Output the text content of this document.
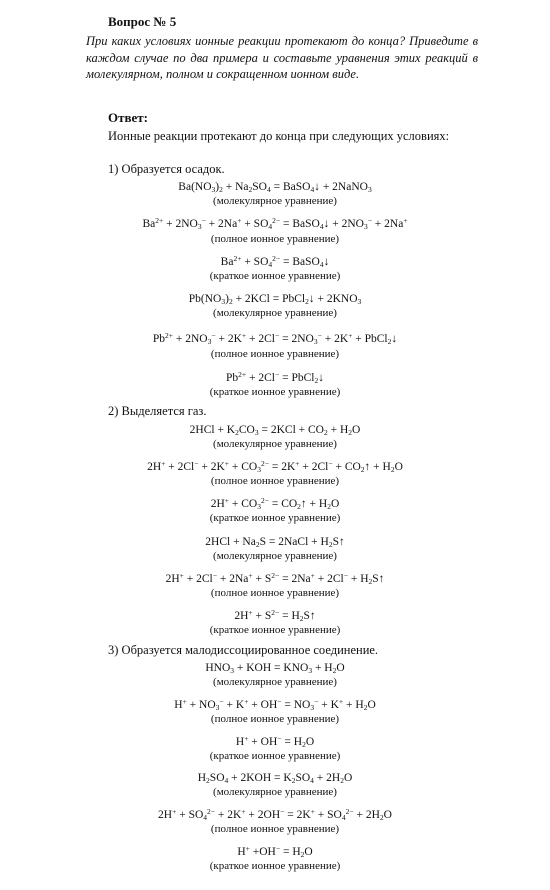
Вопрос № 5
При каких условиях ионные реакции протекают до конца? Приведите в каждом случае по два примера и составьте уравнения этих реакций в молекулярном, полном и сокращенном ионном виде.
Ответ:
Ионные реакции протекают до конца при следующих условиях:
1) Образуется осадок.
$Ba(NO_3)_2 + Na_2SO_4$ = BaSO$_4$↓ + 2NaNO$_3$
(молекулярное уравнение)
$Ba^{2+} + 2NO_3^- + 2Na^+ + SO_4^{2-}$ = BaSO$_4$↓ + $2NO_3^- + 2Na^+$
(полное ионное уравнение)
$Ba^{2+} + SO_4^{2-}$ = BaSO$_4$↓
(краткое ионное уравнение)
$Pb(NO_3)_2 + 2KCl$ = PbCl$_2$↓ + $2KNO_3$
(молекулярное уравнение)
$Pb^{2+} + 2NO_3^- + 2K^+ + 2Cl^- = 2NO_3^- + 2K^+$ + PbCl$_2$↓
(полное ионное уравнение)
$Pb^{2+} + 2Cl^-$ = PbCl$_2$↓
(краткое ионное уравнение)
2) Выделяется газ.
$2HCl + K_2CO_3 = 2KCl + CO_2 + H_2O$
(молекулярное уравнение)
$2H^+ + 2Cl^- + 2K^+ + CO_3^{2-} = 2K^+ + 2Cl^-$ + $CO_2↑ + H_2O$
(полное ионное уравнение)
$2H^+ + CO_3^{2-}$ = $CO_2↑ + H_2O$
(краткое ионное уравнение)
$2HCl + Na_2S$ = 2NaCl + $H_2S↑$
(молекулярное уравнение)
$2H^+ + 2Cl^- + 2Na^+ + S^{2-} = 2Na^+ + 2Cl^-$ + $H_2S↑$
(полное ионное уравнение)
$2H^+ + S^{2-}$ = $H_2S↑$
(краткое ионное уравнение)
3) Образуется малодиссоциированное соединение.
$HNO_3$ + KOH = $KNO_3 + H_2O$
(молекулярное уравнение)
$H^+ + NO_3^- + K^+ + OH^- = NO_3^- + K^+ + H_2O$
(полное ионное уравнение)
$H^+ + OH^- = H_2O$
(краткое ионное уравнение)
$H_2SO_4 + 2KOH = K_2SO_4 + 2H_2O$
(молекулярное уравнение)
$2H^+ + SO_4^{2-} + 2K^+ + 2OH^- = 2K^+ + SO_4^{2-} + 2H_2O$
(полное ионное уравнение)
$H^+ +OH^- = H_2O$
(краткое ионное уравнение)
